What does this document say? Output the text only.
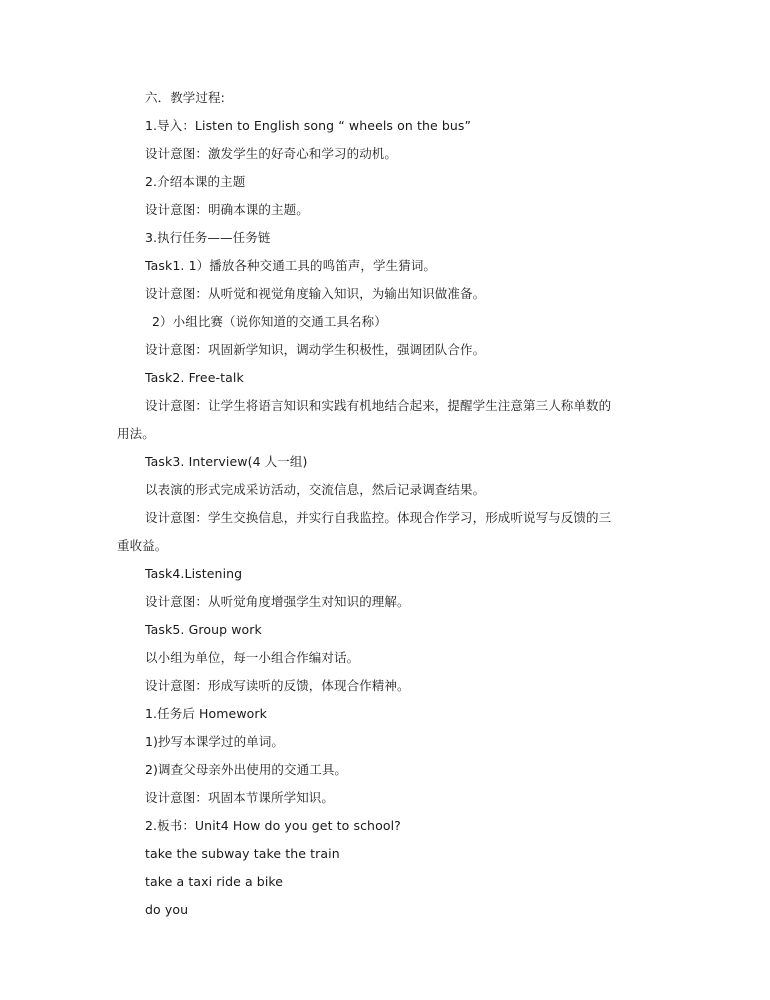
六．教学过程:
1.导入：Listen to English song “ wheels on the bus”
设计意图：激发学生的好奇心和学习的动机。
2.介绍本课的主题
设计意图：明确本课的主题。
3.执行任务——任务链
Task1. 1）播放各种交通工具的鸣笛声，学生猜词。
设计意图：从听觉和视觉角度输入知识，为输出知识做准备。
2）小组比赛（说你知道的交通工具名称）
设计意图：巩固新学知识，调动学生积极性，强调团队合作。
Task2. Free-talk
设计意图：让学生将语言知识和实践有机地结合起来，提醒学生注意第三人称单数的
用法。
Task3. Interview(4 人一组)
以表演的形式完成采访活动，交流信息，然后记录调查结果。
设计意图：学生交换信息，并实行自我监控。体现合作学习，形成听说写与反馈的三
重收益。
Task4.Listening
设计意图：从听觉角度增强学生对知识的理解。
Task5. Group work
以小组为单位，每一小组合作编对话。
设计意图：形成写读听的反馈，体现合作精神。
1.任务后 Homework
1)抄写本课学过的单词。
2)调查父母亲外出使用的交通工具。
设计意图：巩固本节课所学知识。
2.板书：Unit4 How do you get to school?
take the subway take the train
take a taxi ride a bike
do you
